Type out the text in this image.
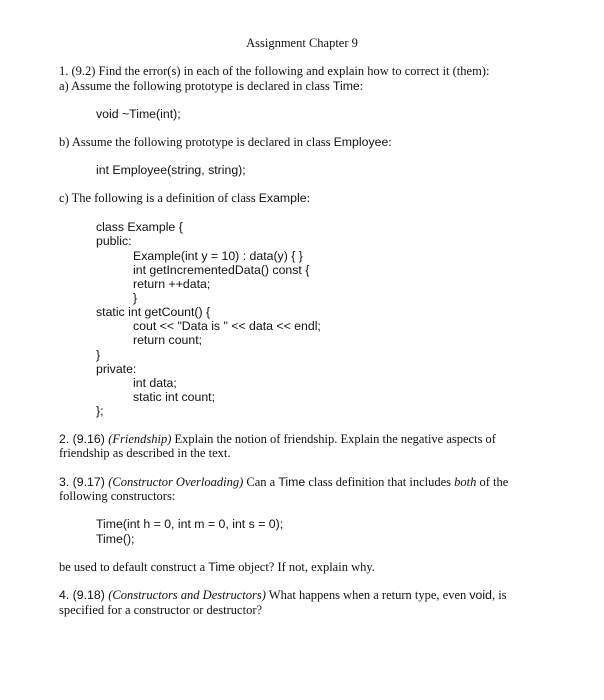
Assignment Chapter 9
1. (9.2) Find the error(s) in each of the following and explain how to correct it (them):
a) Assume the following prototype is declared in class Time:
void ~Time(int);
b) Assume the following prototype is declared in class Employee:
int Employee(string, string);
c) The following is a definition of class Example:
class Example {
public:
Example(int y = 10) : data(y) { }
int getIncrementedData() const {
return ++data;
}
static int getCount() {
cout << "Data is " << data << endl;
return count;
}
private:
int data;
static int count;
};
2. (9.16) (Friendship) Explain the notion of friendship. Explain the negative aspects of
friendship as described in the text.
3. (9.17) (Constructor Overloading) Can a Time class definition that includes both of the
following constructors:
Time(int h = 0, int m = 0, int s = 0);
Time();
be used to default construct a Time object? If not, explain why.
4. (9.18) (Constructors and Destructors) What happens when a return type, even void, is
specified for a constructor or destructor?
